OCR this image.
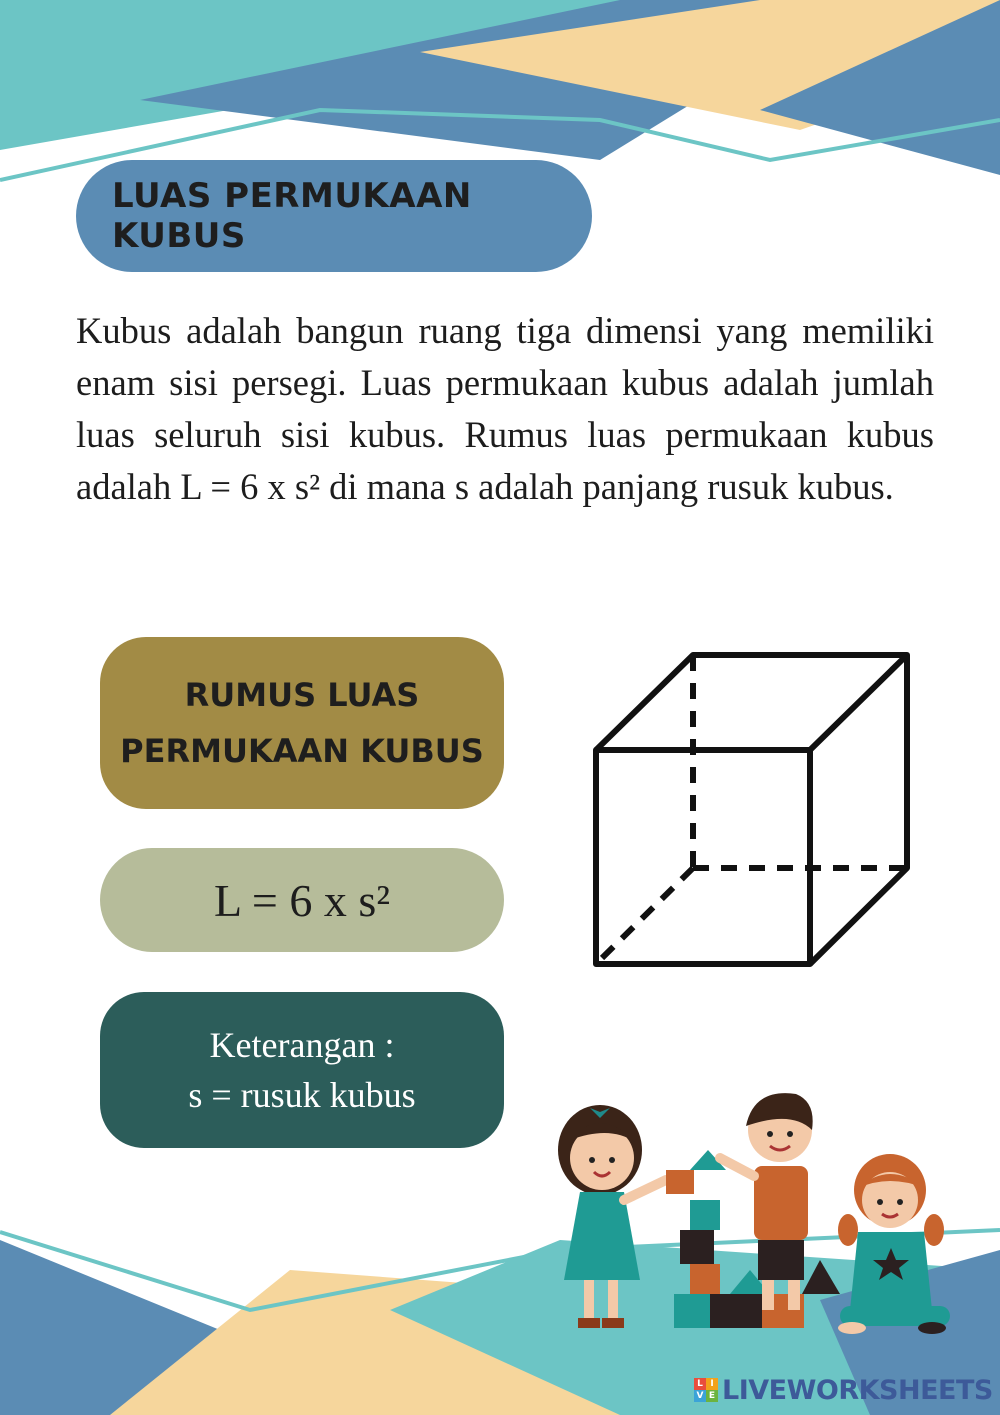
LUAS PERMUKAAN KUBUS

Kubus adalah bangun ruang tiga dimensi yang memiliki enam sisi persegi. Luas permukaan kubus adalah jumlah luas seluruh sisi kubus. Rumus luas permukaan kubus adalah L = 6 x s² di mana s adalah panjang rusuk kubus.

RUMUS LUAS
PERMUKAAN KUBUS
L = 6 x s²
Keterangan :
s = rusuk kubus
L I
V E LIVEWORKSHEETS
